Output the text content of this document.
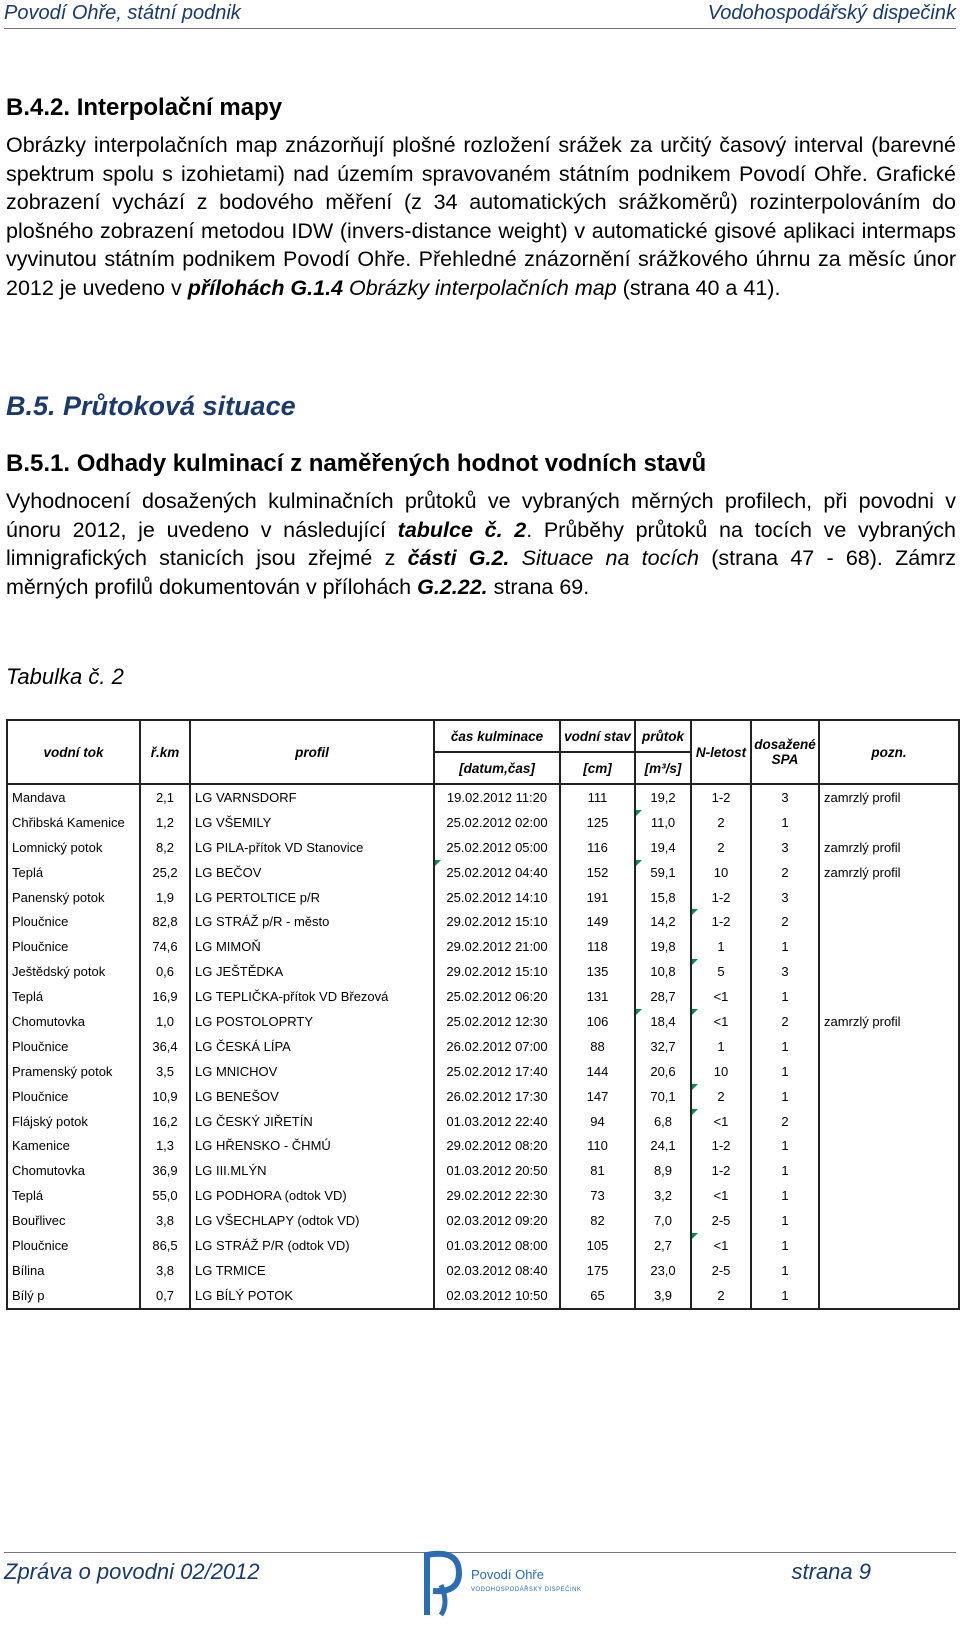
Povodí Ohře, státní podnik	Vodohospodářský dispečink
B.4.2. Interpolační mapy
Obrázky interpolačních map znázorňují plošné rozložení srážek za určitý časový interval (barevné spektrum spolu s izohietami) nad územím spravovaném státním podnikem Povodí Ohře. Grafické zobrazení vychází z bodového měření (z 34 automatických srážkoměrů) rozinterpolováním do plošného zobrazení metodou IDW (invers-distance weight) v automatické gisové aplikaci intermaps vyvinutou státním podnikem Povodí Ohře. Přehledné znázornění srážkového úhrnu za měsíc únor 2012 je uvedeno v přílohách G.1.4 Obrázky interpolačních map (strana 40 a 41).
B.5. Průtoková situace
B.5.1. Odhady kulminací z naměřených hodnot vodních stavů
Vyhodnocení dosažených kulminačních průtoků ve vybraných měrných profilech, při povodni v únoru 2012, je uvedeno v následující tabulce č. 2. Průběhy průtoků na tocích ve vybraných limnigrafických stanicích jsou zřejmé z části G.2. Situace na tocích (strana 47 - 68). Zámrz měrných profilů dokumentován v přílohách G.2.22. strana 69.
Tabulka č. 2
vodní tok	ř.km	profil	čas kulminace	vodní stav	průtok	N-letost	dosažené SPA	pozn.
			[datum,čas]	[cm]	[m³/s]			
Mandava	2,1	LG VARNSDORF	19.02.2012 11:20	111	19,2	1-2	3	zamrzlý profil
Chřibská Kamenice	1,2	LG VŠEMILY	25.02.2012 02:00	125	11,0	2	1	
Lomnický potok	8,2	LG PILA-přítok VD Stanovice	25.02.2012 05:00	116	19,4	2	3	zamrzlý profil
Teplá	25,2	LG BEČOV	25.02.2012 04:40	152	59,1	10	2	zamrzlý profil
Panenský potok	1,9	LG PERTOLTICE p/R	25.02.2012 14:10	191	15,8	1-2	3	
Ploučnice	82,8	LG STRÁŽ p/R - město	29.02.2012 15:10	149	14,2	1-2	2	
Ploučnice	74,6	LG MIMOŇ	29.02.2012 21:00	118	19,8	1	1	
Ještědský potok	0,6	LG JEŠTĚDKA	29.02.2012 15:10	135	10,8	5	3	
Teplá	16,9	LG TEPLIČKA-přítok VD Březová	25.02.2012 06:20	131	28,7	<1	1	
Chomutovka	1,0	LG POSTOLOPRTY	25.02.2012 12:30	106	18,4	<1	2	zamrzlý profil
Ploučnice	36,4	LG ČESKÁ LÍPA	26.02.2012 07:00	88	32,7	1	1	
Pramenský potok	3,5	LG MNICHOV	25.02.2012 17:40	144	20,6	10	1	
Ploučnice	10,9	LG BENEŠOV	26.02.2012 17:30	147	70,1	2	1	
Flájský potok	16,2	LG ČESKÝ JIŘETÍN	01.03.2012 22:40	94	6,8	<1	2	
Kamenice	1,3	LG HŘENSKO - ČHMÚ	29.02.2012 08:20	110	24,1	1-2	1	
Chomutovka	36,9	LG III.MLÝN	01.03.2012 20:50	81	8,9	1-2	1	
Teplá	55,0	LG PODHORA (odtok VD)	29.02.2012 22:30	73	3,2	<1	1	
Bouřlivec	3,8	LG VŠECHLAPY (odtok VD)	02.03.2012 09:20	82	7,0	2-5	1	
Ploučnice	86,5	LG STRÁŽ P/R (odtok VD)	01.03.2012 08:00	105	2,7	<1	1	
Bílina	3,8	LG TRMICE	02.03.2012 08:40	175	23,0	2-5	1	
Bílý p	0,7	LG BÍLÝ POTOK	02.03.2012 10:50	65	3,9	2	1	
Zpráva o povodni 02/2012	Povodí Ohře
VODOHOSPODÁŘSKÝ DISPEČINK
strana 9
